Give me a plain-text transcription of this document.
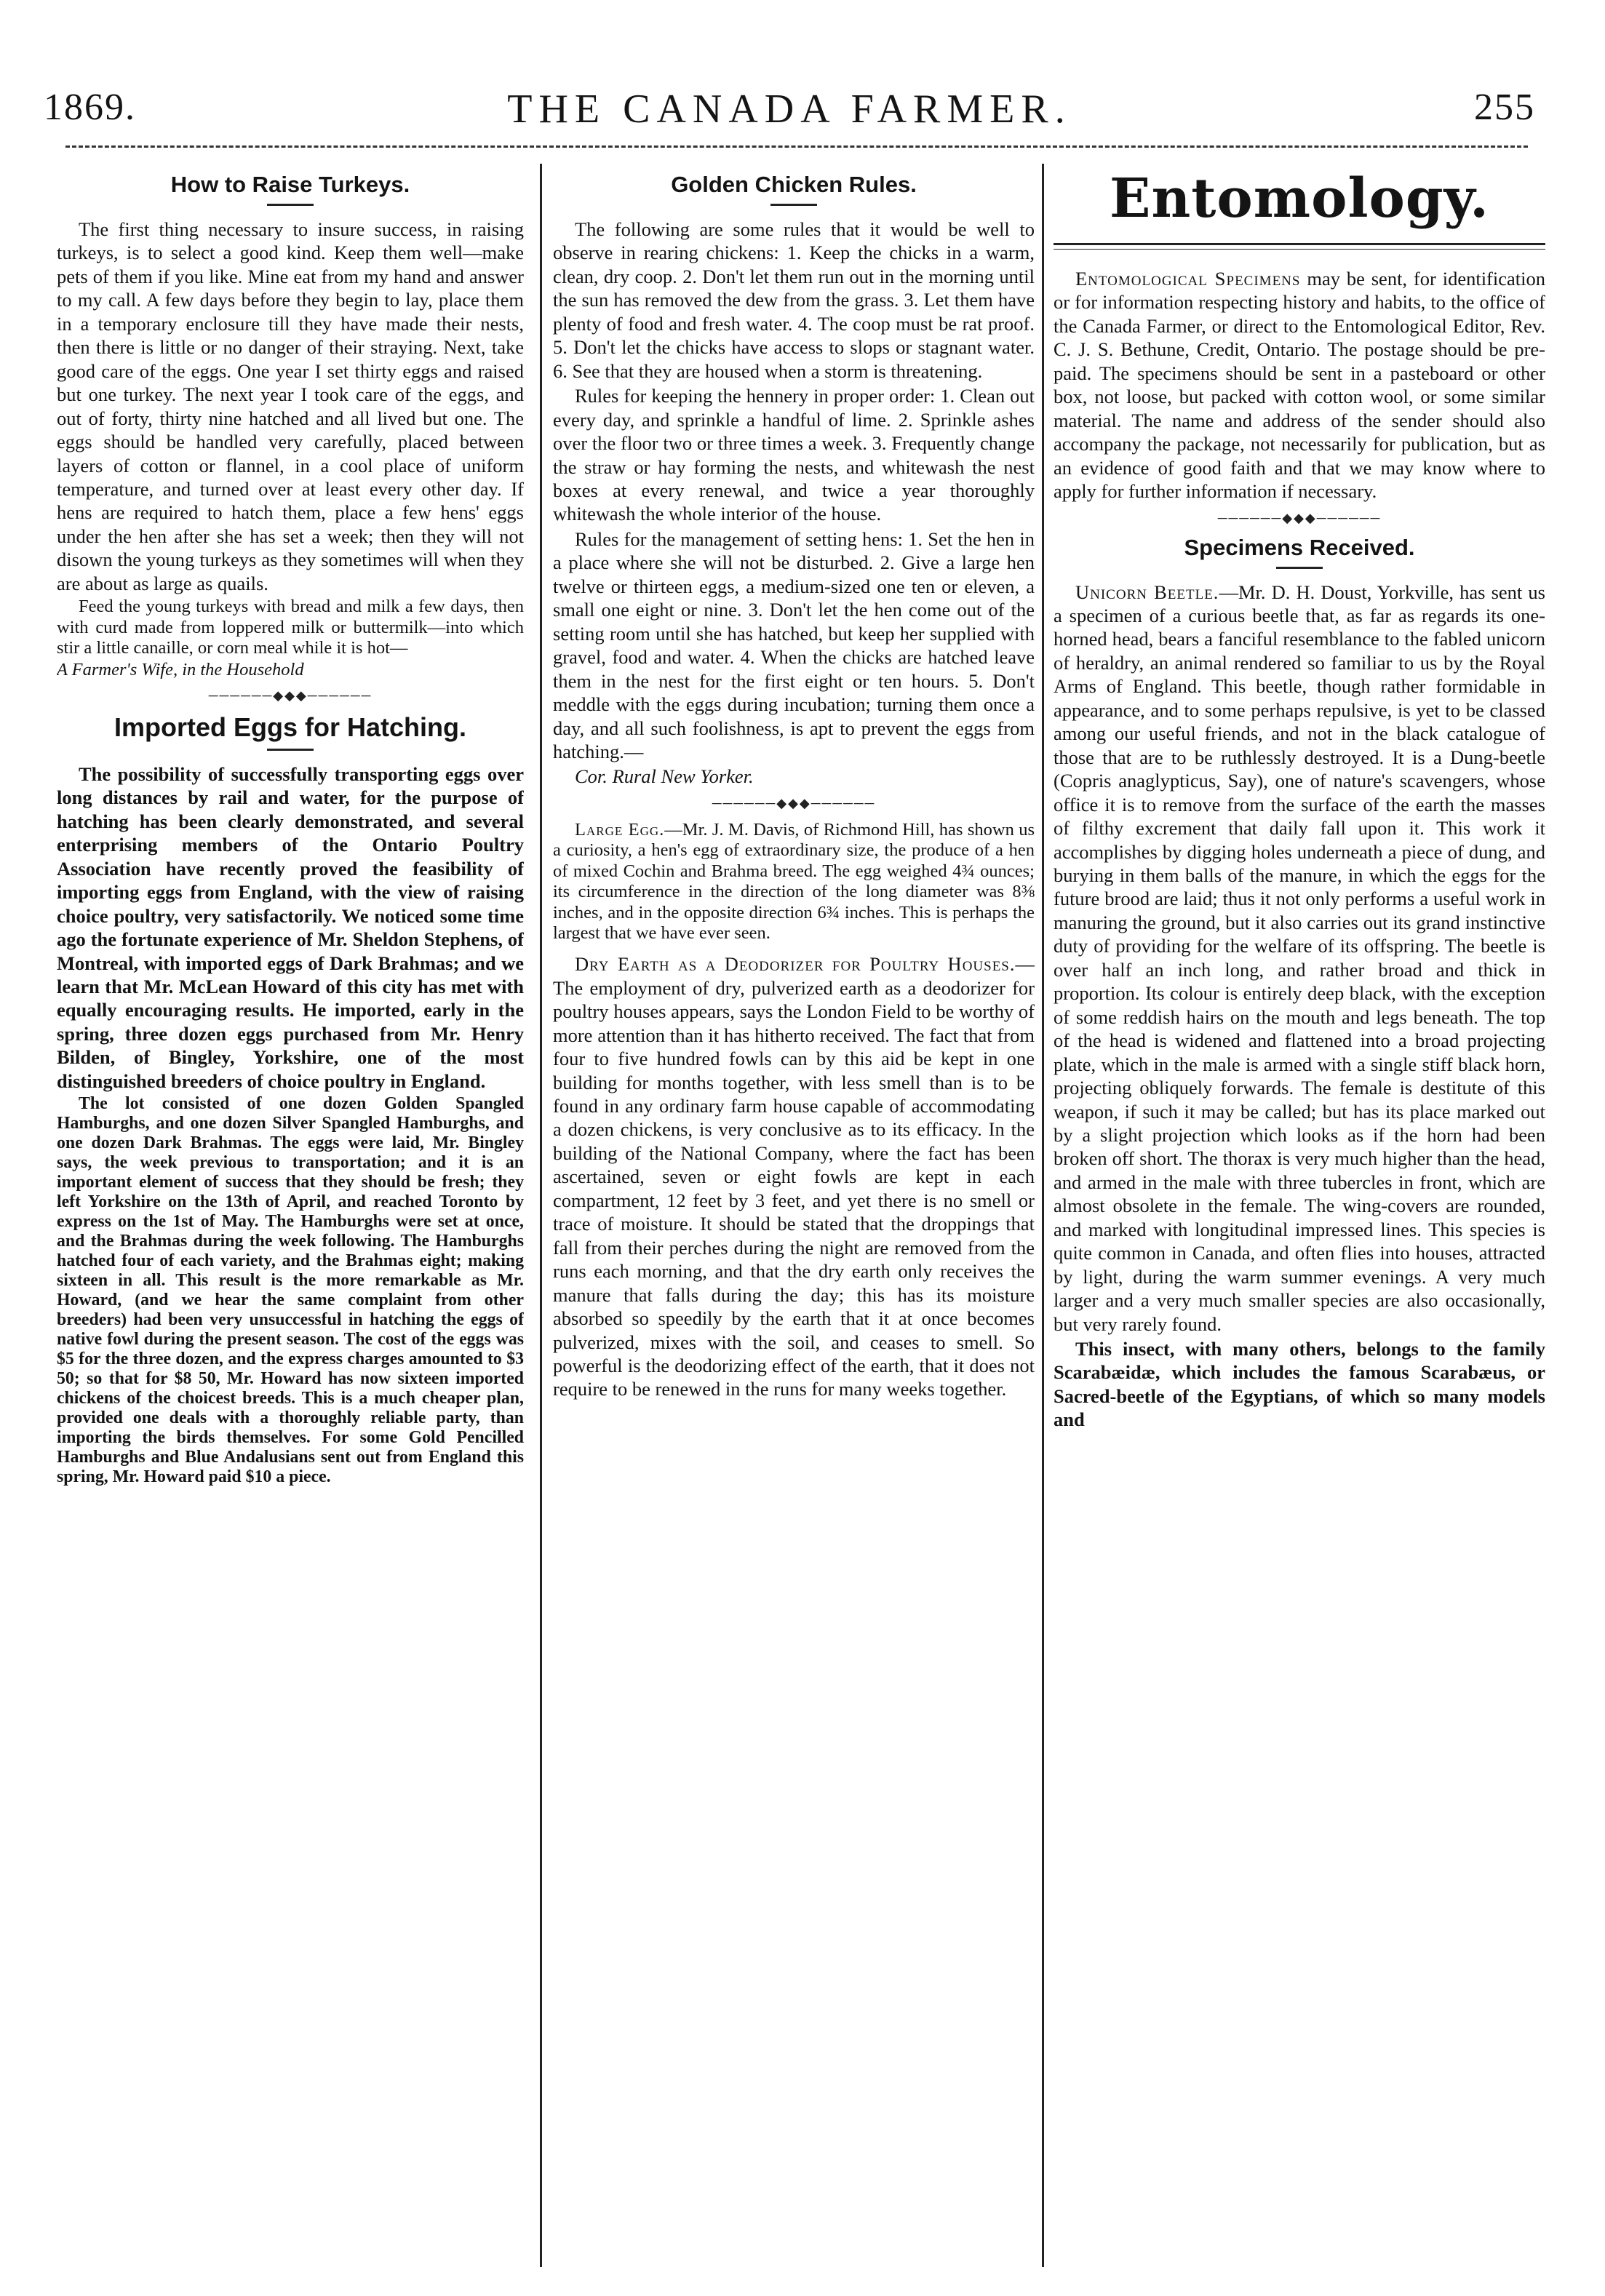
1869.	THE CANADA FARMER.	255
How to Raise Turkeys.

The first thing necessary to insure success, in raising turkeys, is to select a good kind. Keep them well—make pets of them if you like. Mine eat from my hand and answer to my call. A few days before they begin to lay, place them in a temporary enclosure till they have made their nests, then there is little or no danger of their straying. Next, take good care of the eggs. One year I set thirty eggs and raised but one turkey. The next year I took care of the eggs, and out of forty, thirty nine hatched and all lived but one. The eggs should be handled very carefully, placed between layers of cotton or flannel, in a cool place of uniform temperature, and turned over at least every other day. If hens are required to hatch them, place a few hens' eggs under the hen after she has set a week; then they will not disown the young turkeys as they sometimes will when they are about as large as quails.

Feed the young turkeys with bread and milk a few days, then with curd made from loppered milk or buttermilk—into which stir a little canaille, or corn meal while it is hot—

A Farmer's Wife, in the Household

────── ◆◆◆ ──────
Imported Eggs for Hatching.

The possibility of successfully transporting eggs over long distances by rail and water, for the purpose of hatching has been clearly demonstrated, and several enterprising members of the Ontario Poultry Association have recently proved the feasibility of importing eggs from England, with the view of raising choice poultry, very satisfactorily. We noticed some time ago the fortunate experience of Mr. Sheldon Stephens, of Montreal, with imported eggs of Dark Brahmas; and we learn that Mr. McLean Howard of this city has met with equally encouraging results. He imported, early in the spring, three dozen eggs purchased from Mr. Henry Bilden, of Bingley, Yorkshire, one of the most distinguished breeders of choice poultry in England.

The lot consisted of one dozen Golden Spangled Hamburghs, and one dozen Silver Spangled Hamburghs, and one dozen Dark Brahmas. The eggs were laid, Mr. Bingley says, the week previous to transportation; and it is an important element of success that they should be fresh; they left Yorkshire on the 13th of April, and reached Toronto by express on the 1st of May. The Hamburghs were set at once, and the Brahmas during the week following. The Hamburghs hatched four of each variety, and the Brahmas eight; making sixteen in all. This result is the more remarkable as Mr. Howard, (and we hear the same complaint from other breeders) had been very unsuccessful in hatching the eggs of native fowl during the present season. The cost of the eggs was $5 for the three dozen, and the express charges amounted to $3 50; so that for $8 50, Mr. Howard has now sixteen imported chickens of the choicest breeds. This is a much cheaper plan, provided one deals with a thoroughly reliable party, than importing the birds themselves. For some Gold Pencilled Hamburghs and Blue Andalusians sent out from England this spring, Mr. Howard paid $10 a piece.

Golden Chicken Rules.

The following are some rules that it would be well to observe in rearing chickens: 1. Keep the chicks in a warm, clean, dry coop. 2. Don't let them run out in the morning until the sun has removed the dew from the grass. 3. Let them have plenty of food and fresh water. 4. The coop must be rat proof. 5. Don't let the chicks have access to slops or stagnant water. 6. See that they are housed when a storm is threatening.

Rules for keeping the hennery in proper order: 1. Clean out every day, and sprinkle a handful of lime. 2. Sprinkle ashes over the floor two or three times a week. 3. Frequently change the straw or hay forming the nests, and whitewash the nest boxes at every renewal, and twice a year thoroughly whitewash the whole interior of the house.

Rules for the management of setting hens: 1. Set the hen in a place where she will not be disturbed. 2. Give a large hen twelve or thirteen eggs, a medium-sized one ten or eleven, a small one eight or nine. 3. Don't let the hen come out of the setting room until she has hatched, but keep her supplied with gravel, food and water. 4. When the chicks are hatched leave them in the nest for the first eight or ten hours. 5. Don't meddle with the eggs during incubation; turning them once a day, and all such foolishness, is apt to prevent the eggs from hatching.—

Cor. Rural New Yorker.

────── ◆◆◆ ──────

Large Egg.—Mr. J. M. Davis, of Richmond Hill, has shown us a curiosity, a hen's egg of extraordinary size, the produce of a hen of mixed Cochin and Brahma breed. The egg weighed 4¾ ounces; its circumference in the direction of the long diameter was 8⅜ inches, and in the opposite direction 6¾ inches. This is perhaps the largest that we have ever seen.

Dry Earth as a Deodorizer for Poultry Houses.—The employment of dry, pulverized earth as a deodorizer for poultry houses appears, says the London Field to be worthy of more attention than it has hitherto received. The fact that from four to five hundred fowls can by this aid be kept in one building for months together, with less smell than is to be found in any ordinary farm house capable of accommodating a dozen chickens, is very conclusive as to its efficacy. In the building of the National Company, where the fact has been ascertained, seven or eight fowls are kept in each compartment, 12 feet by 3 feet, and yet there is no smell or trace of moisture. It should be stated that the droppings that fall from their perches during the night are removed from the runs each morning, and that the dry earth only receives the manure that falls during the day; this has its moisture absorbed so speedily by the earth that it at once becomes pulverized, mixes with the soil, and ceases to smell. So powerful is the deodorizing effect of the earth, that it does not require to be renewed in the runs for many weeks together.

Entomology.

Entomological Specimens may be sent, for identification or for information respecting history and habits, to the office of the Canada Farmer, or direct to the Entomological Editor, Rev. C. J. S. Bethune, Credit, Ontario. The postage should be pre-paid. The specimens should be sent in a pasteboard or other box, not loose, but packed with cotton wool, or some similar material. The name and address of the sender should also accompany the package, not necessarily for publication, but as an evidence of good faith and that we may know where to apply for further information if necessary.

────── ◆◆◆ ──────
Specimens Received.

Unicorn Beetle.—Mr. D. H. Doust, Yorkville, has sent us a specimen of a curious beetle that, as far as regards its one-horned head, bears a fanciful resemblance to the fabled unicorn of heraldry, an animal rendered so familiar to us by the Royal Arms of England. This beetle, though rather formidable in appearance, and to some perhaps repulsive, is yet to be classed among our useful friends, and not in the black catalogue of those that are to be ruthlessly destroyed. It is a Dung-beetle (Copris anaglypticus, Say), one of nature's scavengers, whose office it is to remove from the surface of the earth the masses of filthy excrement that daily fall upon it. This work it accomplishes by digging holes underneath a piece of dung, and burying in them balls of the manure, in which the eggs for the future brood are laid; thus it not only performs a useful work in manuring the ground, but it also carries out its grand instinctive duty of providing for the welfare of its offspring. The beetle is over half an inch long, and rather broad and thick in proportion. Its colour is entirely deep black, with the exception of some reddish hairs on the mouth and legs beneath. The top of the head is widened and flattened into a broad projecting plate, which in the male is armed with a single stiff black horn, projecting obliquely forwards. The female is destitute of this weapon, if such it may be called; but has its place marked out by a slight projection which looks as if the horn had been broken off short. The thorax is very much higher than the head, and armed in the male with three tubercles in front, which are almost obsolete in the female. The wing-covers are rounded, and marked with longitudinal impressed lines. This species is quite common in Canada, and often flies into houses, attracted by light, during the warm summer evenings. A very much larger and a very much smaller species are also occasionally, but very rarely found.

This insect, with many others, belongs to the family Scarabæidæ, which includes the famous Scarabæus, or Sacred-beetle of the Egyptians, of which so many models and
